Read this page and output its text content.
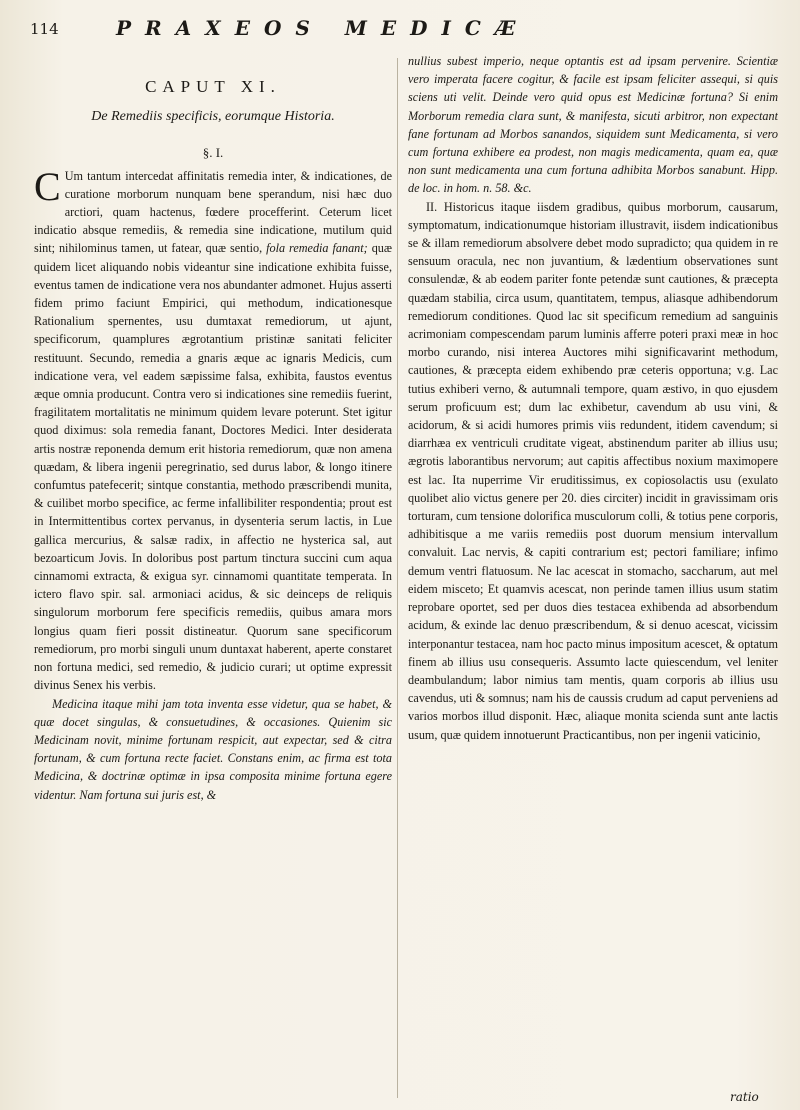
114	PRAXEOS MEDICÆ
CAPUT XI.
De Remediis specificis, eorumque Historia.
§. I.

C Um tantum intercedat affinitatis remedia inter, & indicationes, de curatione morborum nunquam bene sperandum, nisi hæc duo arctiori, quam hactenus, fœdere procefferint. Ceterum licet indicatio absque remediis, & remedia sine indicatione, mutilum quid sint; nihilominus tamen, ut fatear, quæ sentio, fola remedia fanant; quæ quidem licet aliquando nobis videantur sine indicatione exhibita fuisse, eventus tamen de indicatione vera nos abundanter admonet. Hujus asserti fidem primo faciunt Empirici, qui methodum, indicationesque Rationalium spernentes, usu dumtaxat remediorum, ut ajunt, specificorum, quamplures ægrotantium pristinæ sanitati feliciter restituunt. Secundo, remedia a gnaris æque ac ignaris Medicis, cum indicatione vera, vel eadem sæpissime falsa, exhibita, faustos eventus æque omnia producunt. Contra vero si indicationes sine remediis fuerint, fragilitatem mortalitatis ne minimum quidem levare poterunt. Stet igitur quod diximus: sola remedia fanant, Doctores Medici. Inter desiderata artis nostræ reponenda demum erit historia remediorum, quæ non amena quædam, & libera ingenii peregrinatio, sed durus labor, & longo itinere confumtus patefecerit; sintque constantia, methodo præscribendi munita, & cuilibet morbo specifice, ac ferme infallibiliter respondentia; prout est in Intermittentibus cortex pervanus, in dysenteria serum lactis, in Lue gallica mercurius, & salsæ radix, in affectio ne hysterica sal, aut bezoarticum Jovis. In doloribus post partum tinctura succini cum aqua cinnamomi extracta, & exigua syr. cinnamomi quantitate temperata. In ictero flavo spir. sal. armoniaci acidus, & sic deinceps de reliquis singulorum morborum fere specificis remediis, quibus amara mors longius quam fieri possit distineatur. Quorum sane specificorum remediorum, pro morbi singuli unum duntaxat haberent, aperte constaret non fortuna medici, sed remedio, & judicio curari; ut optime expressit divinus Senex his verbis.

Medicina itaque mihi jam tota inventa esse videtur, qua se habet, & quæ docet singulas, & consuetudines, & occasiones. Quienim sic Medicinam novit, minime fortunam respicit, aut expectar, sed & citra fortunam, & cum fortuna recte faciet. Constans enim, ac firma est tota Medicina, & doctrinæ optimæ in ipsa composita minime fortuna egere videntur. Nam fortuna sui juris est, &

nullius subest imperio, neque optantis est ad ipsam pervenire. Scientiæ vero imperata facere cogitur, & facile est ipsam feliciter assequi, si quis sciens uti velit. Deinde vero quid opus est Medicinæ fortuna? Si enim Morborum remedia clara sunt, & manifesta, sicuti arbitror, non expectant fane fortunam ad Morbos sanandos, siquidem sunt Medicamenta, si vero cum fortuna exhibere ea prodest, non magis medicamenta, quam ea, quæ non sunt medicamenta una cum fortuna adhibita Morbos sanabunt. Hipp. de loc. in hom. n. 58. &c.

II. Historicus itaque iisdem gradibus, quibus morborum, causarum, symptomatum, indicationumque historiam illustravit, iisdem indicationibus se & illam remediorum absolvere debet modo supradicto; qua quidem in re sensuum oracula, nec non juvantium, & lædentium observationes sunt consulendæ, & ab eodem pariter fonte petendæ sunt cautiones, & præcepta quædam stabilia, circa usum, quantitatem, tempus, aliasque adhibendorum remediorum conditiones. Quod lac sit specificum remedium ad sanguinis acrimoniam compescendam parum luminis afferre poteri praxi meæ in hoc morbo curando, nisi interea Auctores mihi significavarint methodum, cautiones, & præcepta eidem exhibendo præ ceteris opportuna; v.g. Lac tutius exhiberi verno, & autumnali tempore, quam æstivo, in quo ejusdem serum proficuum est; dum lac exhibetur, cavendum ab usu vini, & acidorum, & si acidi humores primis viis redundent, itidem cavendum; si diarrhæa ex ventriculi cruditate vigeat, abstinendum pariter ab illius usu; ægrotis laborantibus nervorum; aut capitis affectibus noxium maximopere est lac. Ita nuperrime Vir eruditissimus, ex copiosolactis usu (exulato quolibet alio victus genere per 20. dies circiter) incidit in gravissimam oris torturam, cum tensione dolorifica musculorum colli, & totius pene corporis, adhibitisque a me variis remediis post duorum mensium intervallum convaluit. Lac nervis, & capiti contrarium est; pectori familiare; infimo demum ventri flatuosum. Ne lac acescat in stomacho, saccharum, aut mel eidem misceto; Et quamvis acescat, non perinde tamen illius usum statim reprobare oportet, sed per duos dies testacea exhibenda ad absorbendum acidum, & exinde lac denuo præscribendum, & si denuo acescat, vicissim interponantur testacea, nam hoc pacto minus impositum acescet, & optatum finem ab illius usu consequeris. Assumto lacte quiescendum, vel leniter deambulandum; labor nimius tam mentis, quam corporis ab illius usu cavendus, uti & somnus; nam his de caussis crudum ad caput perveniens ad varios morbos illud disponit. Hæc, aliaque monita scienda sunt ante lactis usum, quæ quidem innotuerunt Practicantibus, non per ingenii vaticinio,

ratio
